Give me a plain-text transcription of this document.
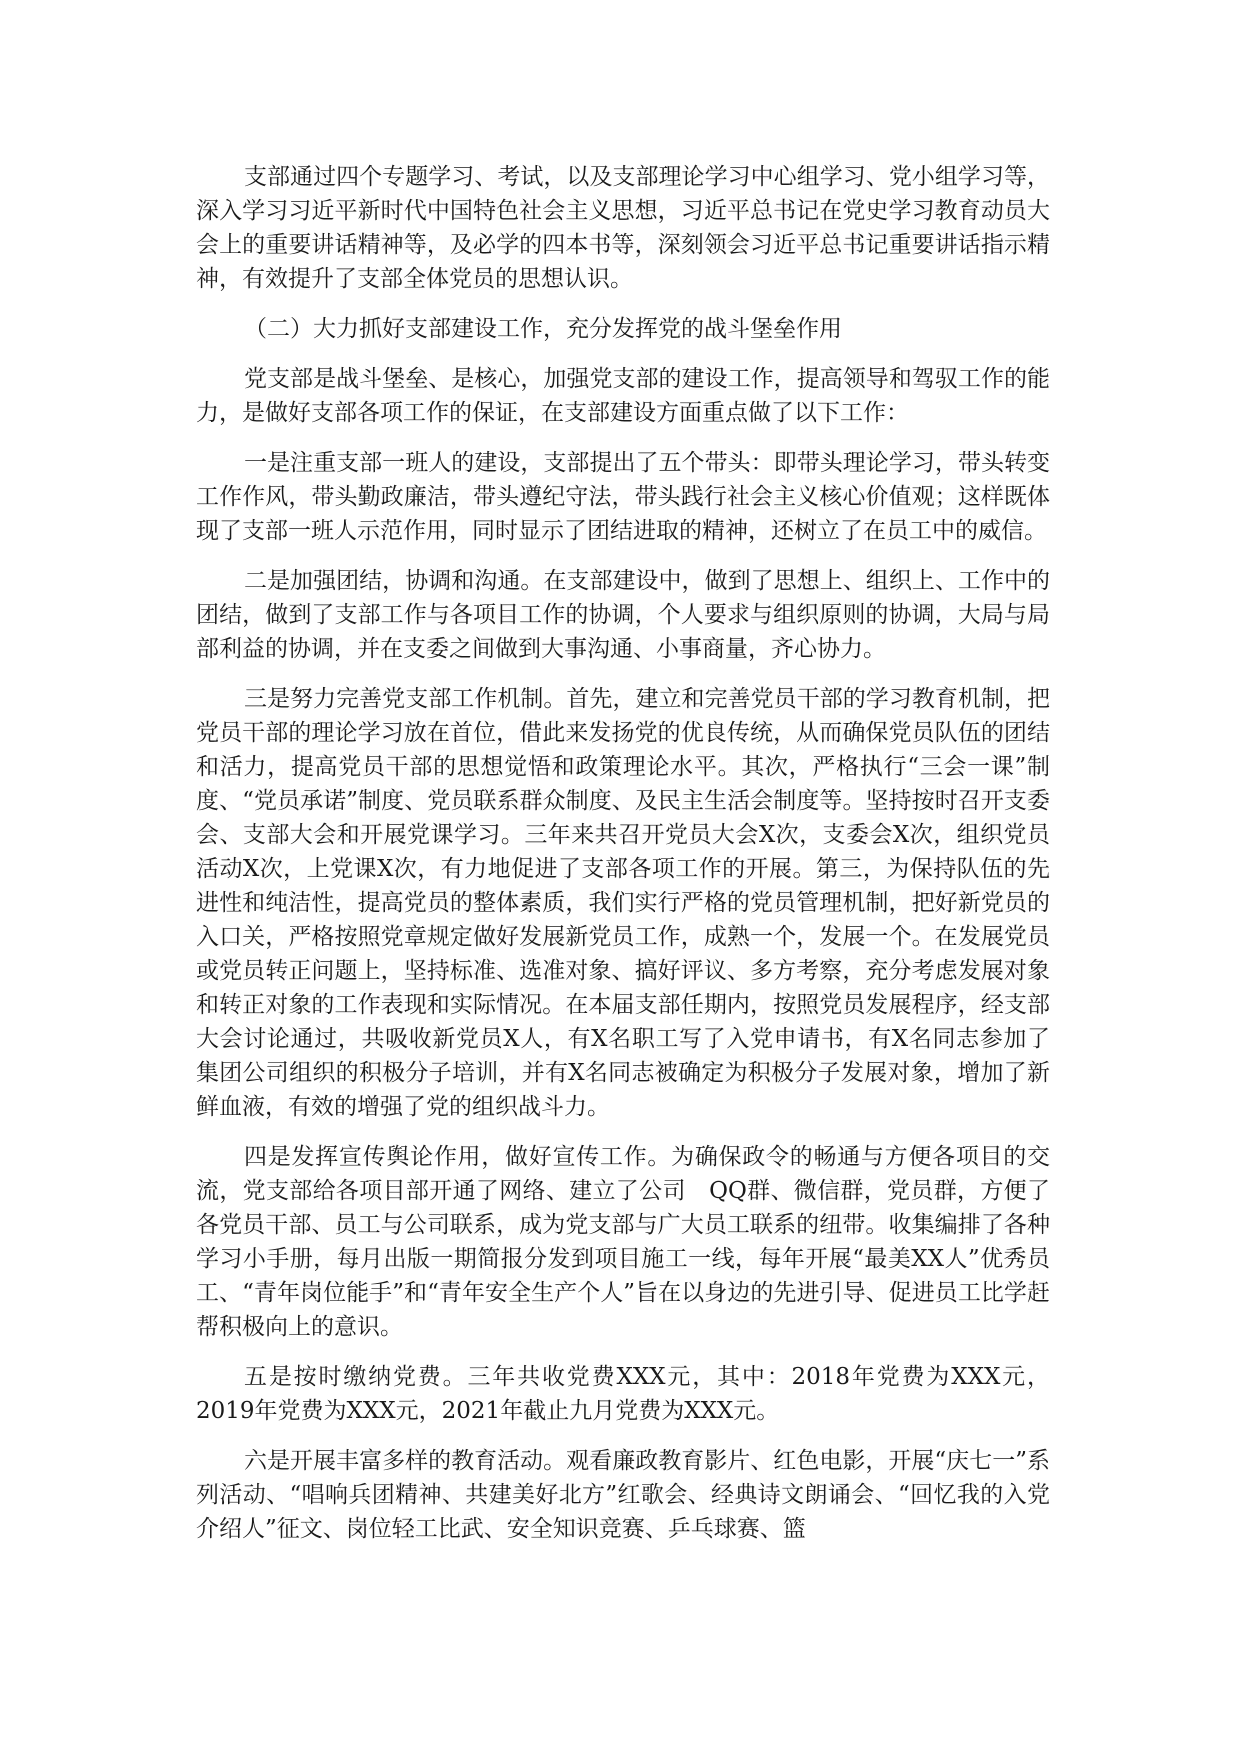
支部通过四个专题学习、考试，以及支部理论学习中心组学习、党小组学习等，深入学习习近平新时代中国特色社会主义思想，习近平总书记在党史学习教育动员大会上的重要讲话精神等，及必学的四本书等，深刻领会习近平总书记重要讲话指示精神，有效提升了支部全体党员的思想认识。

（二）大力抓好支部建设工作，充分发挥党的战斗堡垒作用

党支部是战斗堡垒、是核心，加强党支部的建设工作，提高领导和驾驭工作的能力，是做好支部各项工作的保证，在支部建设方面重点做了以下工作：

一是注重支部一班人的建设，支部提出了五个带头：即带头理论学习，带头转变工作作风，带头勤政廉洁，带头遵纪守法，带头践行社会主义核心价值观；这样既体现了支部一班人示范作用，同时显示了团结进取的精神，还树立了在员工中的威信。

二是加强团结，协调和沟通。在支部建设中，做到了思想上、组织上、工作中的团结，做到了支部工作与各项目工作的协调，个人要求与组织原则的协调，大局与局部利益的协调，并在支委之间做到大事沟通、小事商量，齐心协力。

三是努力完善党支部工作机制。首先，建立和完善党员干部的学习教育机制，把党员干部的理论学习放在首位，借此来发扬党的优良传统，从而确保党员队伍的团结和活力，提高党员干部的思想觉悟和政策理论水平。其次，严格执行“三会一课”制度、“党员承诺”制度、党员联系群众制度、及民主生活会制度等。坚持按时召开支委会、支部大会和开展党课学习。三年来共召开党员大会X次，支委会X次，组织党员活动X次，上党课X次，有力地促进了支部各项工作的开展。第三，为保持队伍的先进性和纯洁性，提高党员的整体素质，我们实行严格的党员管理机制，把好新党员的入口关，严格按照党章规定做好发展新党员工作，成熟一个，发展一个。在发展党员或党员转正问题上，坚持标准、选准对象、搞好评议、多方考察，充分考虑发展对象和转正对象的工作表现和实际情况。在本届支部任期内，按照党员发展程序，经支部大会讨论通过，共吸收新党员X人，有X名职工写了入党申请书，有X名同志参加了集团公司组织的积极分子培训，并有X名同志被确定为积极分子发展对象，增加了新鲜血液，有效的增强了党的组织战斗力。

四是发挥宣传舆论作用，做好宣传工作。为确保政令的畅通与方便各项目的交流，党支部给各项目部开通了网络、建立了公司　QQ群、微信群，党员群，方便了各党员干部、员工与公司联系，成为党支部与广大员工联系的纽带。收集编排了各种学习小手册，每月出版一期简报分发到项目施工一线，每年开展“最美XX人”优秀员工、“青年岗位能手”和“青年安全生产个人”旨在以身边的先进引导、促进员工比学赶帮积极向上的意识。

五是按时缴纳党费。三年共收党费XXX元，其中：2018年党费为XXX元，2019年党费为XXX元，2021年截止九月党费为XXX元。

六是开展丰富多样的教育活动。观看廉政教育影片、红色电影，开展“庆七一”系列活动、“唱响兵团精神、共建美好北方”红歌会、经典诗文朗诵会、“回忆我的入党介绍人”征文、岗位轻工比武、安全知识竞赛、乒乓球赛、篮
